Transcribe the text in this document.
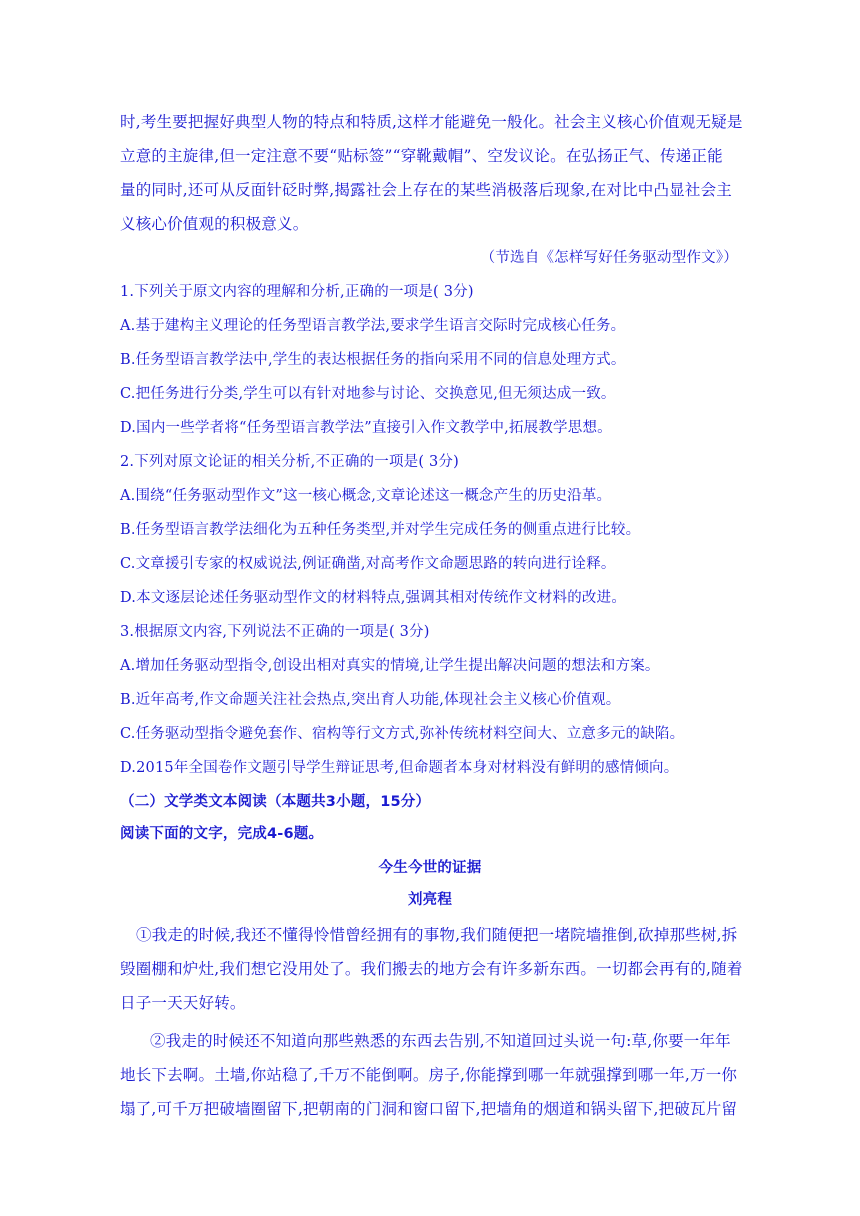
时,考生要把握好典型人物的特点和特质,这样才能避免一般化。社会主义核心价值观无疑是
立意的主旋律,但一定注意不要“贴标签”“穿靴戴帽”、空发议论。在弘扬正气、传递正能
量的同时,还可从反面针砭时弊,揭露社会上存在的某些消极落后现象,在对比中凸显社会主
义核心价值观的积极意义。
（节选自《怎样写好任务驱动型作文》）
1.下列关于原文内容的理解和分析,正确的一项是( 3分)
A.基于建构主义理论的任务型语言教学法,要求学生语言交际时完成核心任务。
B.任务型语言教学法中,学生的表达根据任务的指向采用不同的信息处理方式。
C.把任务进行分类,学生可以有针对地参与讨论、交换意见,但无须达成一致。
D.国内一些学者将“任务型语言教学法”直接引入作文教学中,拓展教学思想。
2.下列对原文论证的相关分析,不正确的一项是( 3分)
A.围绕“任务驱动型作文”这一核心概念,文章论述这一概念产生的历史沿革。
B.任务型语言教学法细化为五种任务类型,并对学生完成任务的侧重点进行比较。
C.文章援引专家的权威说法,例证确凿,对高考作文命题思路的转向进行诠释。
D.本文逐层论述任务驱动型作文的材料特点,强调其相对传统作文材料的改进。
3.根据原文内容,下列说法不正确的一项是( 3分)
A.增加任务驱动型指令,创设出相对真实的情境,让学生提出解决问题的想法和方案。
B.近年高考,作文命题关注社会热点,突出育人功能,体现社会主义核心价值观。
C.任务驱动型指令避免套作、宿构等行文方式,弥补传统材料空间大、立意多元的缺陷。
D.2015年全国卷作文题引导学生辩证思考,但命题者本身对材料没有鲜明的感情倾向。
（二）文学类文本阅读（本题共3小题，15分）
阅读下面的文字，完成4-6题。
今生今世的证据
刘亮程
①我走的时候,我还不懂得怜惜曾经拥有的事物,我们随便把一堵院墙推倒,砍掉那些树,拆
毁圈棚和炉灶,我们想它没用处了。我们搬去的地方会有许多新东西。一切都会再有的,随着
日子一天天好转。
②我走的时候还不知道向那些熟悉的东西去告别,不知道回过头说一句:草,你要一年年
地长下去啊。土墙,你站稳了,千万不能倒啊。房子,你能撑到哪一年就强撑到哪一年,万一你
塌了,可千万把破墙圈留下,把朝南的门洞和窗口留下,把墙角的烟道和锅头留下,把破瓦片留
